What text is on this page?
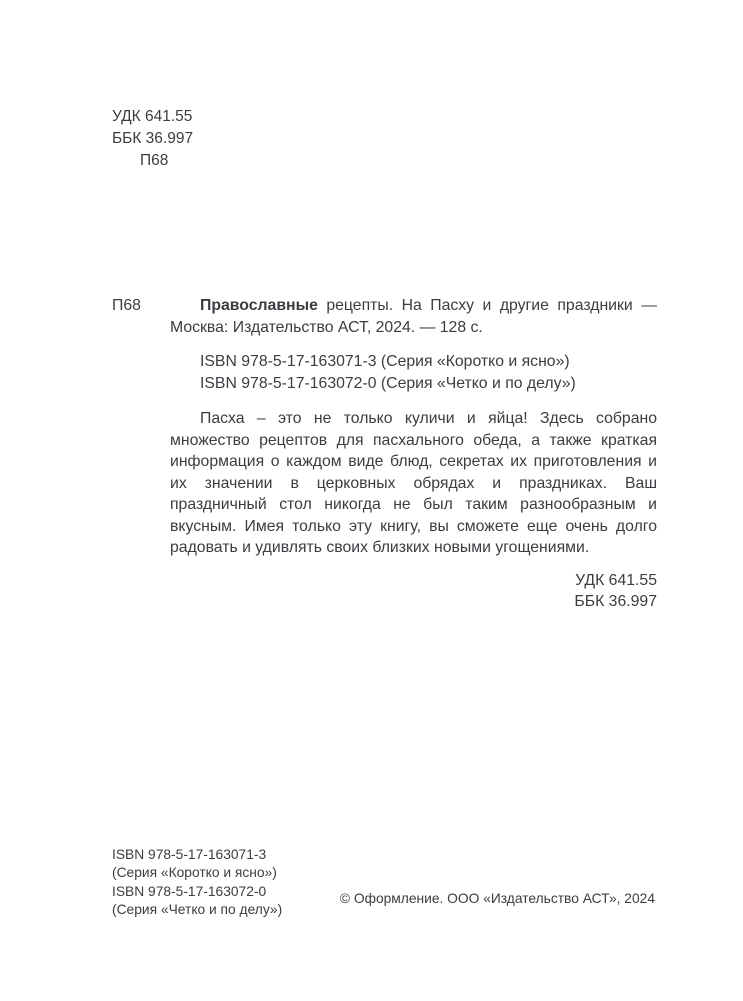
УДК 641.55
ББК 36.997
П68
П68	Православные рецепты. На Пасху и другие праздники — Москва: Издательство АСТ, 2024. — 128 с.

ISBN 978-5-17-163071-3 (Серия «Коротко и ясно»)
ISBN 978-5-17-163072-0 (Серия «Четко и по делу»)

Пасха – это не только куличи и яйца! Здесь собрано множество рецептов для пасхального обеда, а также краткая информация о каждом виде блюд, секретах их приготовления и их значении в церковных обрядах и праздниках. Ваш праздничный стол никогда не был таким разнообразным и вкусным. Имея только эту книгу, вы сможете еще очень долго радовать и удивлять своих близких новыми угощениями.

УДК 641.55
ББК 36.997
ISBN 978-5-17-163071-3
(Серия «Коротко и ясно»)
ISBN 978-5-17-163072-0
(Серия «Четко и по делу»)
© Оформление. ООО «Издательство АСТ», 2024
